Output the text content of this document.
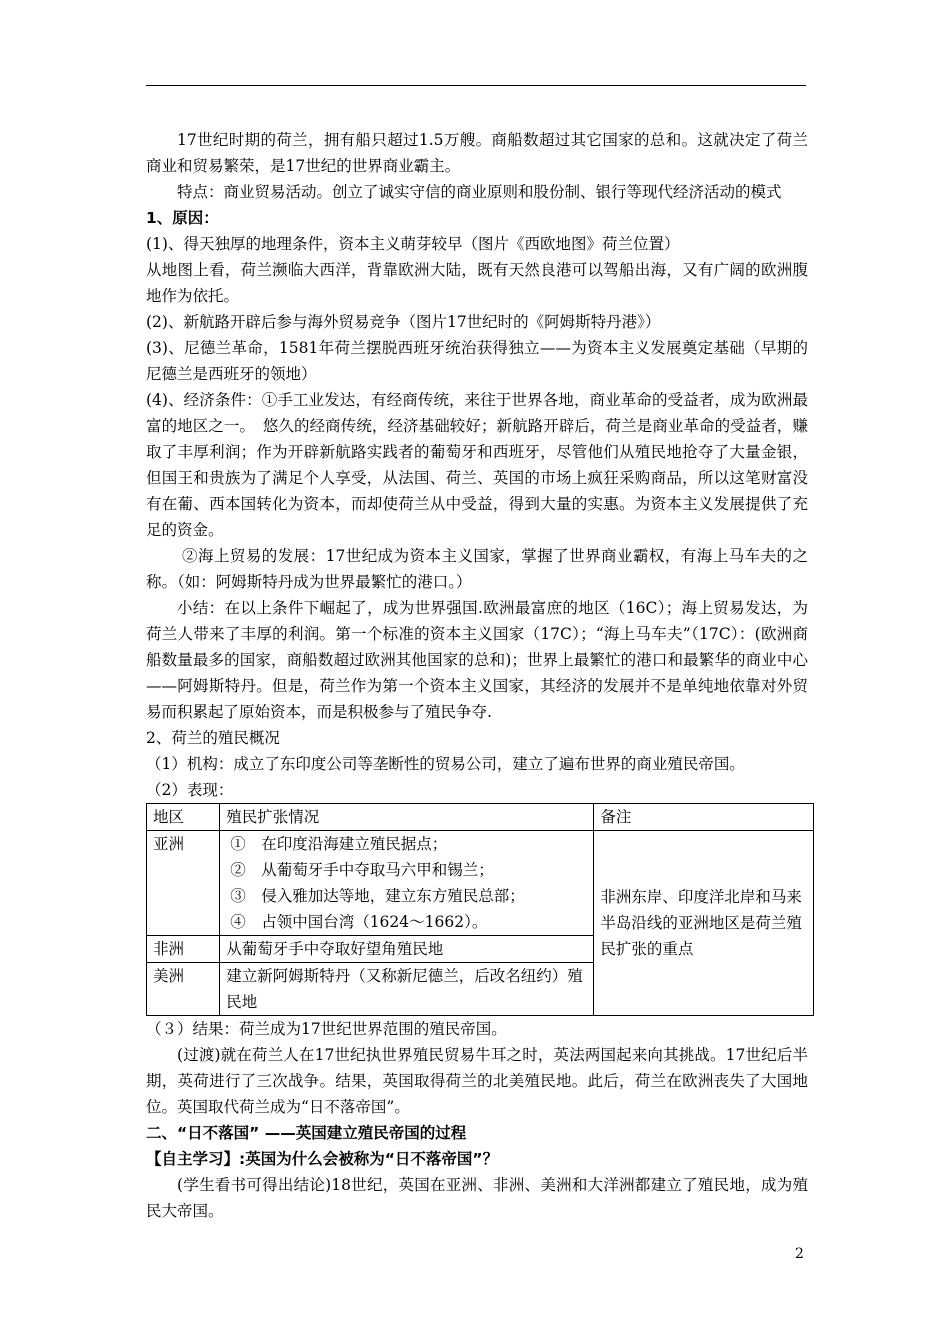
17世纪时期的荷兰，拥有船只超过1.5万艘。商船数超过其它国家的总和。这就决定了荷兰商业和贸易繁荣，是17世纪的世界商业霸主。

特点：商业贸易活动。创立了诚实守信的商业原则和股份制、银行等现代经济活动的模式

1、原因：

(1)、得天独厚的地理条件，资本主义萌芽较早（图片《西欧地图》荷兰位置）

从地图上看，荷兰濒临大西洋，背靠欧洲大陆，既有天然良港可以驾船出海，又有广阔的欧洲腹地作为依托。

(2)、新航路开辟后参与海外贸易竞争（图片17世纪时的《阿姆斯特丹港》）

(3)、尼德兰革命，1581年荷兰摆脱西班牙统治获得独立——为资本主义发展奠定基础（早期的尼德兰是西班牙的领地）

(4)、经济条件：①手工业发达，有经商传统，来往于世界各地，商业革命的受益者，成为欧洲最富的地区之一。　悠久的经商传统，经济基础较好；新航路开辟后，荷兰是商业革命的受益者，赚取了丰厚利润；作为开辟新航路实践者的葡萄牙和西班牙，尽管他们从殖民地抢夺了大量金银，但国王和贵族为了满足个人享受，从法国、荷兰、英国的市场上疯狂采购商品，所以这笔财富没有在葡、西本国转化为资本，而却使荷兰从中受益，得到大量的实惠。为资本主义发展提供了充足的资金。

②海上贸易的发展：17世纪成为资本主义国家，掌握了世界商业霸权，有海上马车夫的之称。（如：阿姆斯特丹成为世界最繁忙的港口。）

小结：在以上条件下崛起了，成为世界强国.欧洲最富庶的地区（16C）；海上贸易发达，为荷兰人带来了丰厚的利润。第一个标准的资本主义国家（17C）；“海上马车夫”（17C）：(欧洲商船数量最多的国家，商船数超过欧洲其他国家的总和)；世界上最繁忙的港口和最繁华的商业中心——阿姆斯特丹。但是，荷兰作为第一个资本主义国家，其经济的发展并不是单纯地依靠对外贸易而积累起了原始资本，而是积极参与了殖民争夺.

2、荷兰的殖民概况

（1）机构：成立了东印度公司等垄断性的贸易公司，建立了遍布世界的商业殖民帝国。

（2）表现：

地区	殖民扩张情况	备注
亚洲	①　在印度沿海建立殖民据点；
②　从葡萄牙手中夺取马六甲和锡兰；
③　侵入雅加达等地，建立东方殖民总部；
④　占领中国台湾（1624～1662）。	非洲东岸、印度洋北岸和马来半岛沿线的亚洲地区是荷兰殖民扩张的重点
非洲	从葡萄牙手中夺取好望角殖民地	
美洲	建立新阿姆斯特丹（又称新尼德兰，后改名纽约）殖民地	

（３）结果：荷兰成为17世纪世界范围的殖民帝国。

(过渡)就在荷兰人在17世纪执世界殖民贸易牛耳之时，英法两国起来向其挑战。17世纪后半期，英荷进行了三次战争。结果，英国取得荷兰的北美殖民地。此后，荷兰在欧洲丧失了大国地位。英国取代荷兰成为“日不落帝国”。

二、“日不落国” ——英国建立殖民帝国的过程

【自主学习】:英国为什么会被称为“日不落帝国”？

(学生看书可得出结论)18世纪，英国在亚洲、非洲、美洲和大洋洲都建立了殖民地，成为殖民大帝国。

2
